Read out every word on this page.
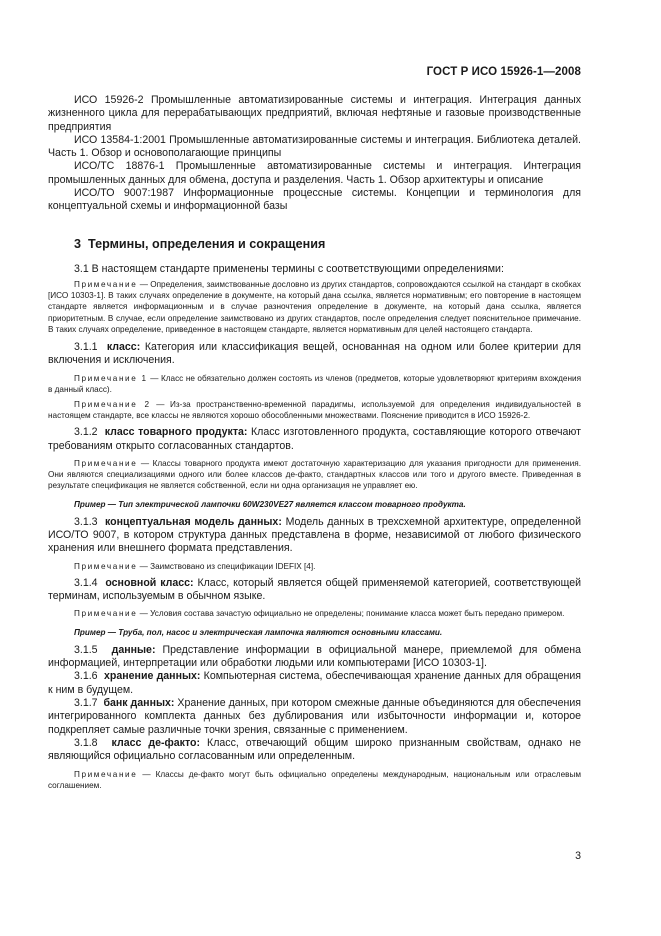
ГОСТ Р ИСО 15926-1—2008

ИСО 15926-2 Промышленные автоматизированные системы и интеграция. Интеграция данных жизненного цикла для перерабатывающих предприятий, включая нефтяные и газовые производственные предприятия

ИСО 13584-1:2001 Промышленные автоматизированные системы и интеграция. Библиотека деталей. Часть 1. Обзор и основополагающие принципы

ИСО/ТС 18876-1 Промышленные автоматизированные системы и интеграция. Интеграция промышленных данных для обмена, доступа и разделения. Часть 1. Обзор архитектуры и описание

ИСО/ТО 9007:1987 Информационные процессные системы. Концепции и терминология для концептуальной схемы и информационной базы

3 Термины, определения и сокращения

3.1 В настоящем стандарте применены термины с соответствующими определениями:

Примечание — Определения, заимствованные дословно из других стандартов, сопровождаются ссылкой на стандарт в скобках [ИСО 10303-1]. В таких случаях определение в документе, на который дана ссылка, является нормативным; его повторение в настоящем стандарте является информационным и в случае разночтения определение в документе, на который дана ссылка, является приоритетным. В случае, если определение заимствовано из других стандартов, после определения следует пояснительное примечание. В таких случаях определение, приведенное в настоящем стандарте, является нормативным для целей настоящего стандарта.

3.1.1 класс: Категория или классификация вещей, основанная на одном или более критерии для включения и исключения.

Примечание 1 — Класс не обязательно должен состоять из членов (предметов, которые удовлетворяют критериям вхождения в данный класс).

Примечание 2 — Из-за пространственно-временной парадигмы, используемой для определения индивидуальностей в настоящем стандарте, все классы не являются хорошо обособленными множествами. Пояснение приводится в ИСО 15926-2.

3.1.2 класс товарного продукта: Класс изготовленного продукта, составляющие которого отвечают требованиям открыто согласованных стандартов.

Примечание — Классы товарного продукта имеют достаточную характеризацию для указания пригодности для применения. Они являются специализациями одного или более классов де-факто, стандартных классов или того и другого вместе. Приведенная в результате спецификация не является собственной, если ни одна организация не управляет ею.

Пример — Тип электрической лампочки 60W230VE27 является классом товарного продукта.

3.1.3 концептуальная модель данных: Модель данных в трехсхемной архитектуре, определенной ИСО/ТО 9007, в котором структура данных представлена в форме, независимой от любого физического хранения или внешнего формата представления.

Примечание — Заимствовано из спецификации IDEFIX [4].

3.1.4 основной класс: Класс, который является общей применяемой категорией, соответствующей терминам, используемым в обычном языке.

Примечание — Условия состава зачастую официально не определены; понимание класса может быть передано примером.

Пример — Труба, пол, насос и электрическая лампочка являются основными классами.

3.1.5 данные: Представление информации в официальной манере, приемлемой для обмена информацией, интерпретации или обработки людьми или компьютерами [ИСО 10303-1].

3.1.6 хранение данных: Компьютерная система, обеспечивающая хранение данных для обращения к ним в будущем.

3.1.7 банк данных: Хранение данных, при котором смежные данные объединяются для обеспечения интегрированного комплекта данных без дублирования или избыточности информации и, которое подкрепляет самые различные точки зрения, связанные с применением.

3.1.8 класс де-факто: Класс, отвечающий общим широко признанным свойствам, однако не являющийся официально согласованным или определенным.

Примечание — Классы де-факто могут быть официально определены международным, национальным или отраслевым соглашением.

3
